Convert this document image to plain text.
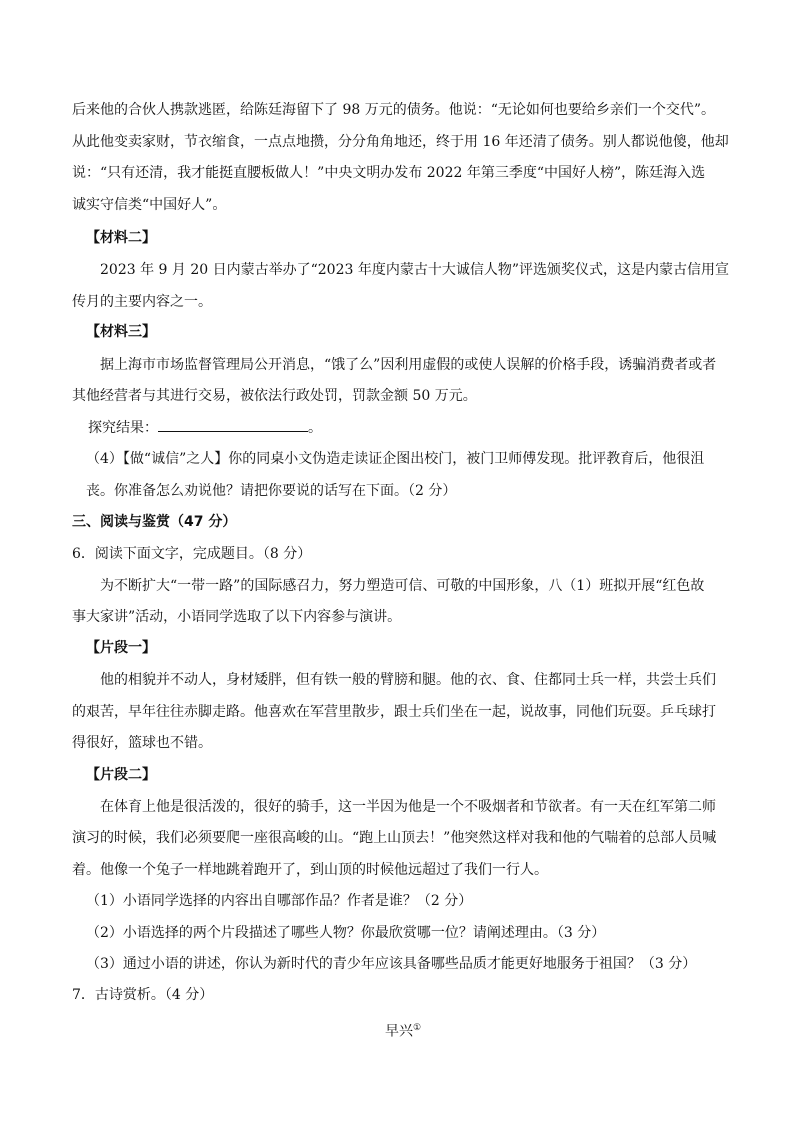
后来他的合伙人携款逃匿，给陈廷海留下了 98 万元的债务。他说：“无论如何也要给乡亲们一个交代”。
从此他变卖家财，节衣缩食，一点点地攒，分分角角地还，终于用 16 年还清了债务。别人都说他傻，他却
说：“只有还清，我才能挺直腰板做人！”中央文明办发布 2022 年第三季度“中国好人榜”，陈廷海入选
诚实守信类“中国好人”。
【材料二】
2023 年 9 月 20 日内蒙古举办了“2023 年度内蒙古十大诚信人物”评选颁奖仪式，这是内蒙古信用宣
传月的主要内容之一。
【材料三】
据上海市市场监督管理局公开消息，“饿了么”因利用虚假的或使人误解的价格手段，诱骗消费者或者
其他经营者与其进行交易，被依法行政处罚，罚款金额 50 万元。
探究结果：	。
（4）【做“诚信”之人】你的同桌小文伪造走读证企图出校门，被门卫师傅发现。批评教育后，他很沮
丧。你准备怎么劝说他？请把你要说的话写在下面。（2 分）
三、阅读与鉴赏（47 分）
6．阅读下面文字，完成题目。（8 分）
为不断扩大“一带一路”的国际感召力，努力塑造可信、可敬的中国形象，八（1）班拟开展“红色故
事大家讲”活动，小语同学选取了以下内容参与演讲。
【片段一】
他的相貌并不动人，身材矮胖，但有铁一般的臂膀和腿。他的衣、食、住都同士兵一样，共尝士兵们
的艰苦，早年往往赤脚走路。他喜欢在军营里散步，跟士兵们坐在一起，说故事，同他们玩耍。乒乓球打
得很好，篮球也不错。
【片段二】
在体育上他是很活泼的，很好的骑手，这一半因为他是一个不吸烟者和节欲者。有一天在红军第二师
演习的时候，我们必须要爬一座很高峻的山。“跑上山顶去！”他突然这样对我和他的气喘着的总部人员喊
着。他像一个兔子一样地跳着跑开了，到山顶的时候他远超过了我们一行人。
（1）小语同学选择的内容出自哪部作品？作者是谁？（2 分）
（2）小语选择的两个片段描述了哪些人物？你最欣赏哪一位？请阐述理由。（3 分）
（3）通过小语的讲述，你认为新时代的青少年应该具备哪些品质才能更好地服务于祖国？（3 分）
7．古诗赏析。（4 分）
早兴①
